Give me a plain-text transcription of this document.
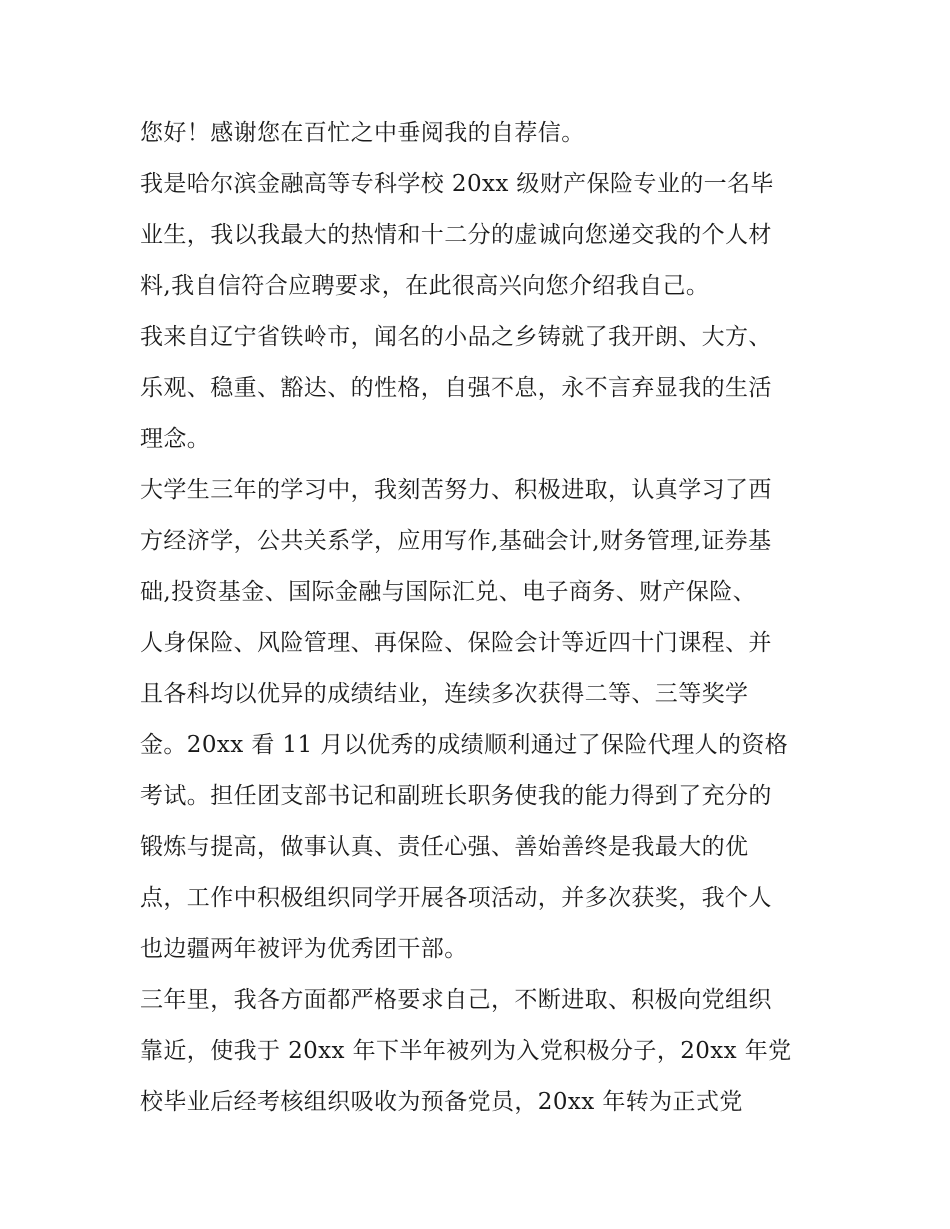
您好！感谢您在百忙之中垂阅我的自荐信。
我是哈尔滨金融高等专科学校 20xx 级财产保险专业的一名毕
业生，我以我最大的热情和十二分的虚诚向您递交我的个人材
料,我自信符合应聘要求，在此很高兴向您介绍我自己。
我来自辽宁省铁岭市，闻名的小品之乡铸就了我开朗、大方、
乐观、稳重、豁达、的性格，自强不息，永不言弃显我的生活
理念。
大学生三年的学习中，我刻苦努力、积极进取，认真学习了西
方经济学，公共关系学，应用写作,基础会计,财务管理,证券基
础,投资基金、国际金融与国际汇兑、电子商务、财产保险、
人身保险、风险管理、再保险、保险会计等近四十门课程、并
且各科均以优异的成绩结业，连续多次获得二等、三等奖学
金。20xx 看 11 月以优秀的成绩顺利通过了保险代理人的资格
考试。担任团支部书记和副班长职务使我的能力得到了充分的
锻炼与提高，做事认真、责任心强、善始善终是我最大的优
点，工作中积极组织同学开展各项活动，并多次获奖，我个人
也边疆两年被评为优秀团干部。
三年里，我各方面都严格要求自己，不断进取、积极向党组织
靠近，使我于 20xx 年下半年被列为入党积极分子，20xx 年党
校毕业后经考核组织吸收为预备党员，20xx 年转为正式党
